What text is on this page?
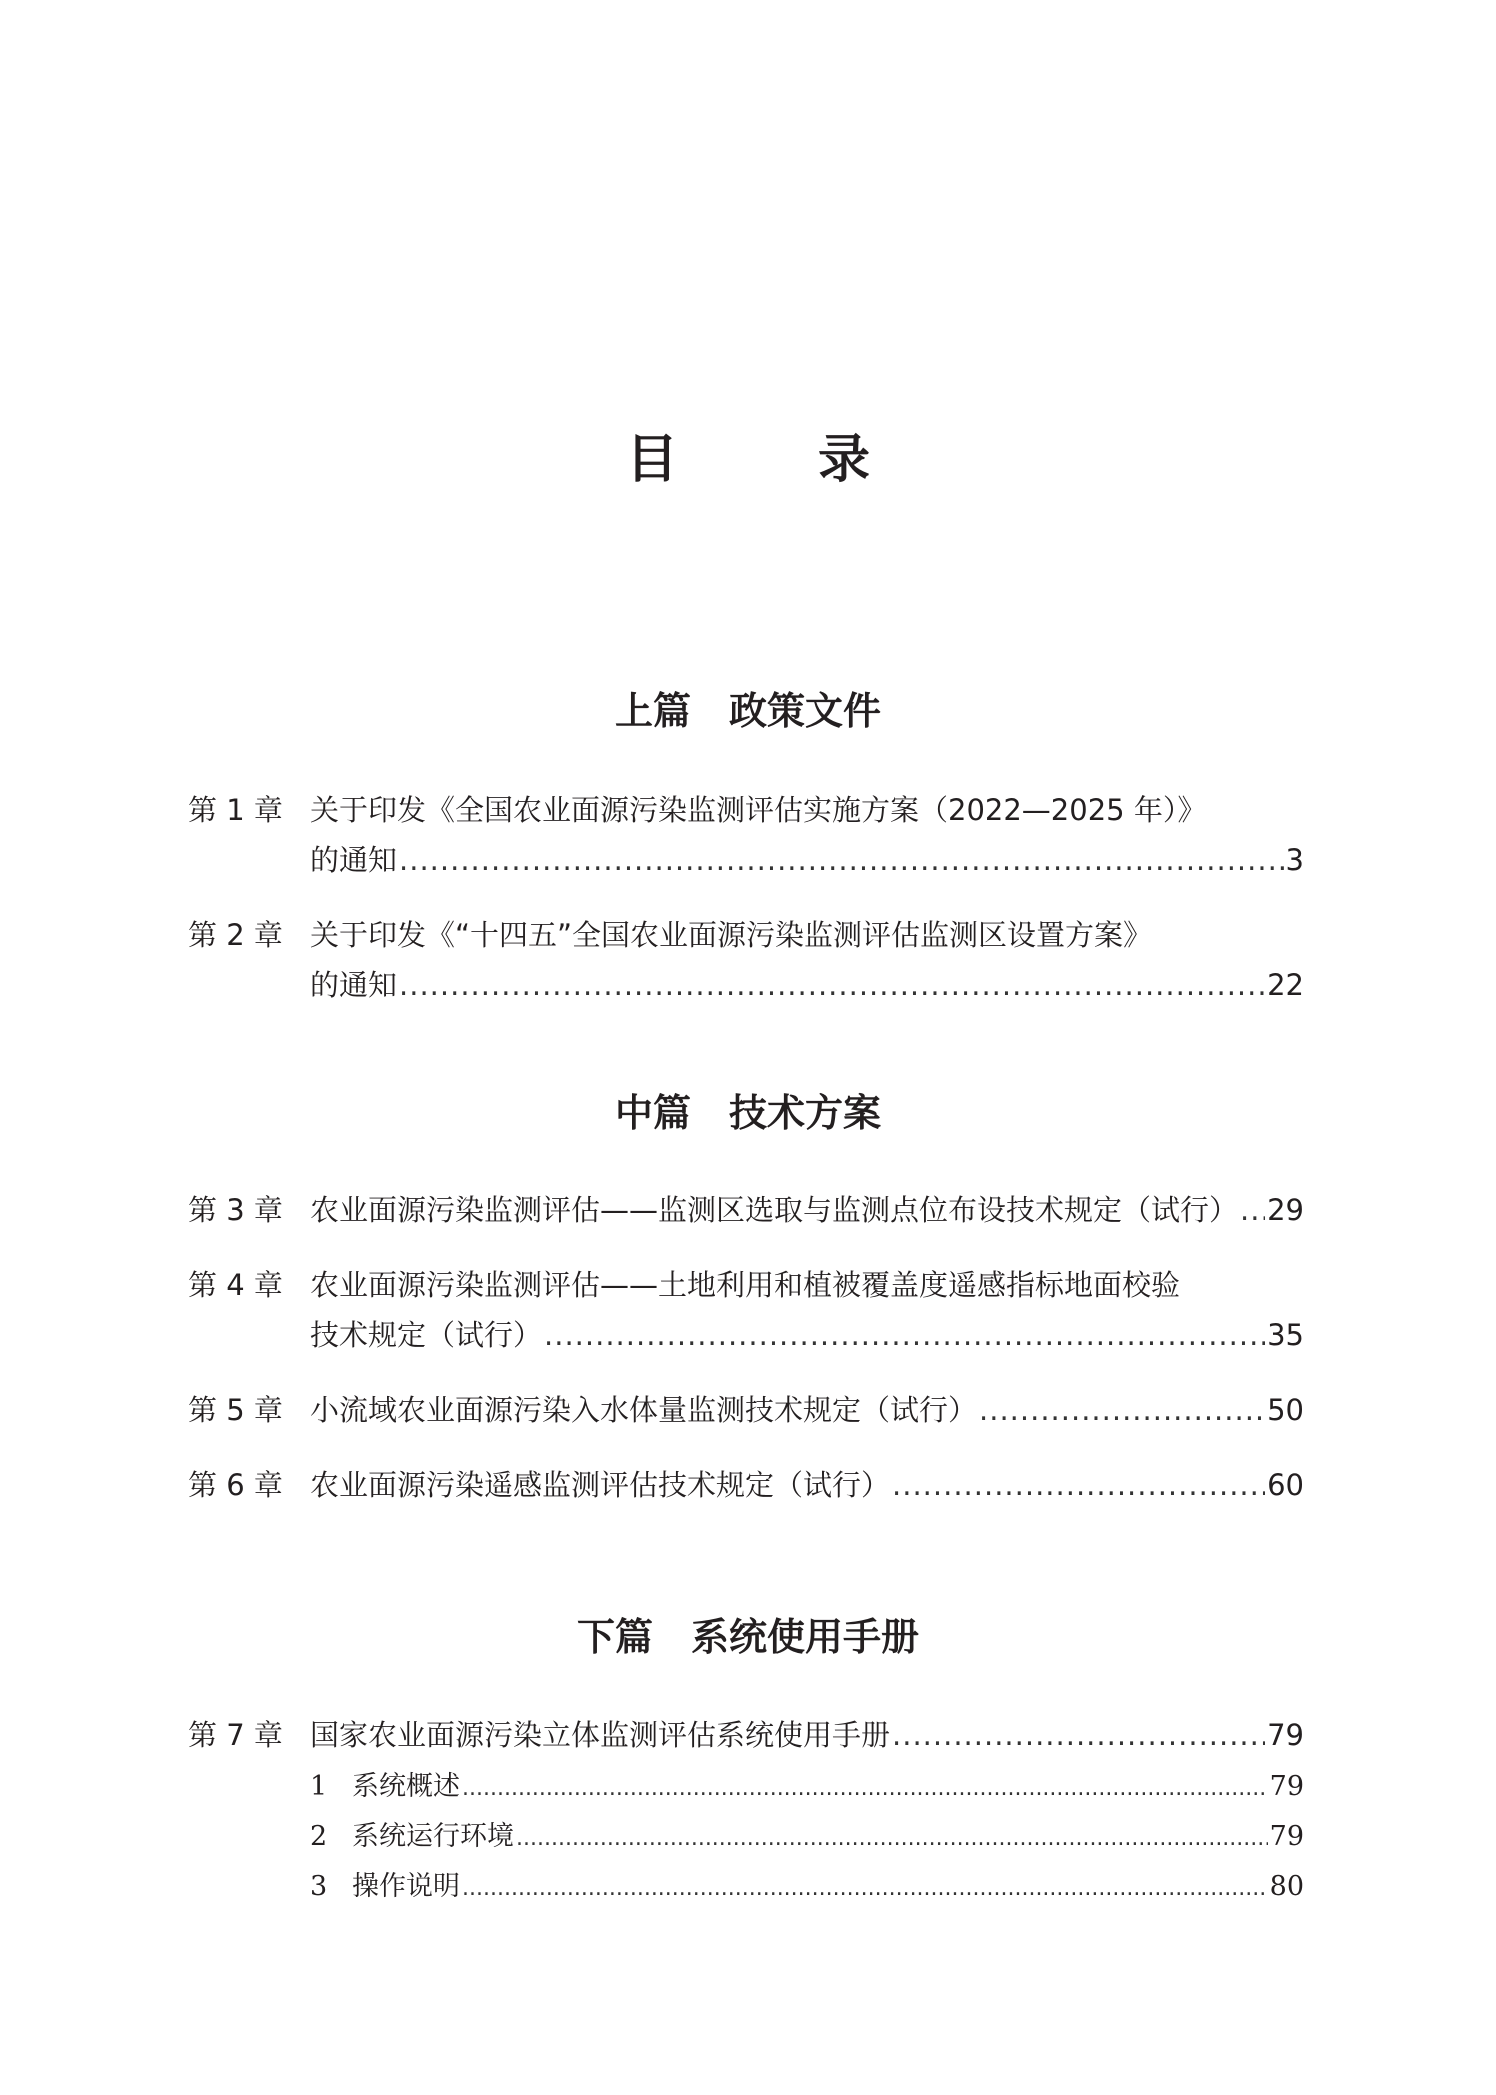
目　录
上篇　政策文件
第 1 章 关于印发《全国农业面源污染监测评估实施方案（2022—2025 年）》
的通知 .....	3
第 2 章 关于印发《“十四五”全国农业面源污染监测评估监测区设置方案》
的通知 .....	22
中篇　技术方案
第 3 章 农业面源污染监测评估——监测区选取与监测点位布设技术规定（试行） ..... 29
第 4 章 农业面源污染监测评估——土地利用和植被覆盖度遥感指标地面校验
技术规定（试行） .....	35
第 5 章 小流域农业面源污染入水体量监测技术规定（试行） .....	50
第 6 章 农业面源污染遥感监测评估技术规定（试行） .....	60
下篇　系统使用手册
第 7 章 国家农业面源污染立体监测评估系统使用手册 .....	79
1 系统概述 .....	79
2 系统运行环境 .....	79
3 操作说明 .....	80
